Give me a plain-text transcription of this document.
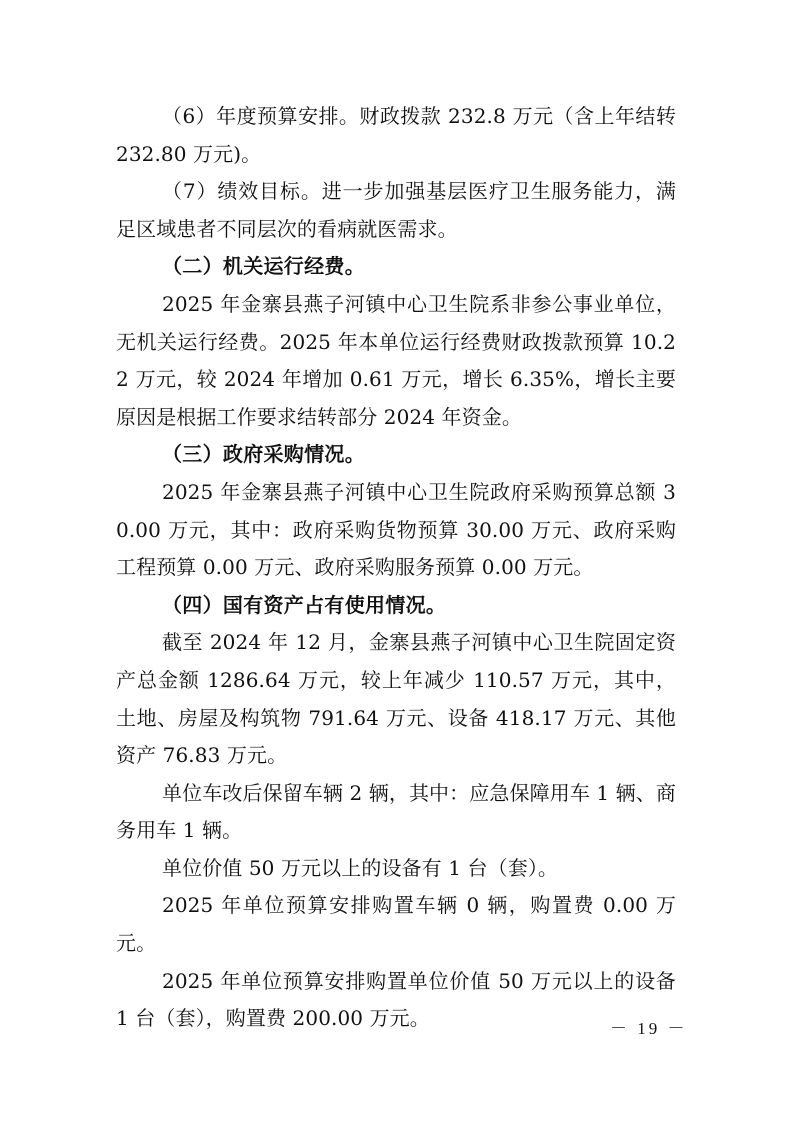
（6）年度预算安排。财政拨款 232.8 万元（含上年结转 232.80 万元)。

（7）绩效目标。进一步加强基层医疗卫生服务能力，满足区域患者不同层次的看病就医需求。

（二）机关运行经费。

2025 年金寨县燕子河镇中心卫生院系非参公事业单位，无机关运行经费。2025 年本单位运行经费财政拨款预算 10.22 万元，较 2024 年增加 0.61 万元，增长 6.35%，增长主要原因是根据工作要求结转部分 2024 年资金。

（三）政府采购情况。

2025 年金寨县燕子河镇中心卫生院政府采购预算总额 30.00 万元，其中：政府采购货物预算 30.00 万元、政府采购工程预算 0.00 万元、政府采购服务预算 0.00 万元。

（四）国有资产占有使用情况。

截至 2024 年 12 月，金寨县燕子河镇中心卫生院固定资产总金额 1286.64 万元，较上年减少 110.57 万元，其中，土地、房屋及构筑物 791.64 万元、设备 418.17 万元、其他资产 76.83 万元。

单位车改后保留车辆 2 辆，其中：应急保障用车 1 辆、商务用车 1 辆。

单位价值 50 万元以上的设备有 1 台（套）。

2025 年单位预算安排购置车辆 0 辆，购置费 0.00 万元。

2025 年单位预算安排购置单位价值 50 万元以上的设备 1 台（套），购置费 200.00 万元。	－ 19 －
